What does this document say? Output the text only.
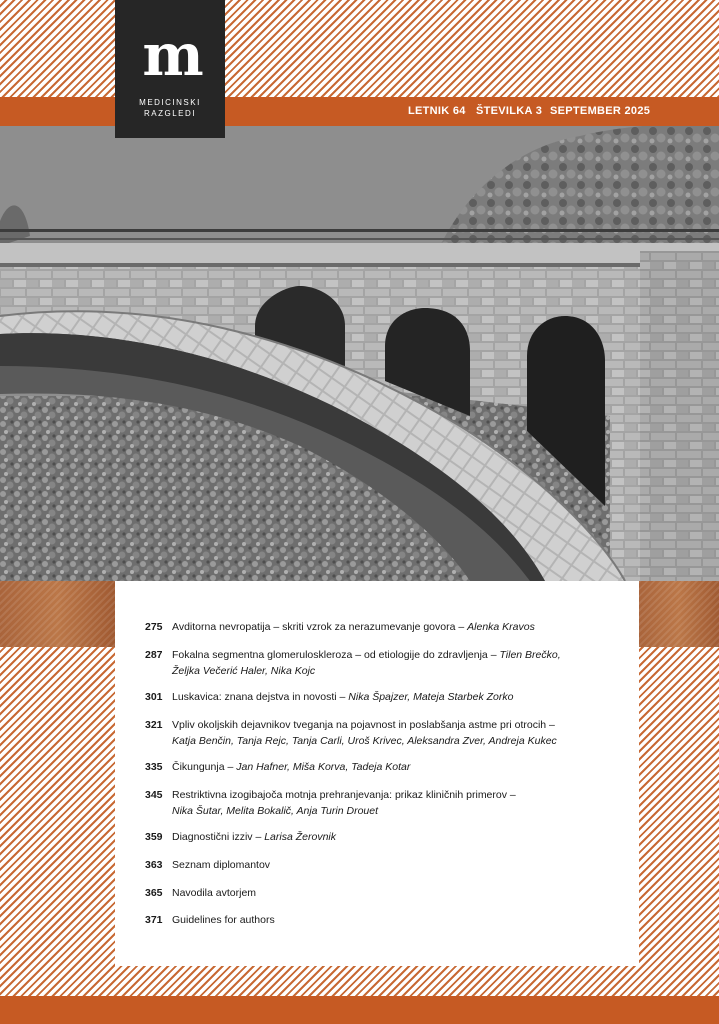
LETNIK 64 ŠTEVILKA 3 SEPTEMBER 2025
m
MEDICINSKI
RAZGLEDI
275 Avditorna nevropatija – skriti vzrok za nerazumevanje govora – Alenka Kravos
287 Fokalna segmentna glomeruloskleroza – od etiologije do zdravljenja – Tilen Brečko,
Željka Večerić Haler, Nika Kojc
301 Luskavica: znana dejstva in novosti – Nika Špajzer, Mateja Starbek Zorko
321 Vpliv okoljskih dejavnikov tveganja na pojavnost in poslabšanja astme pri otrocih –
Katja Benčin, Tanja Rejc, Tanja Carli, Uroš Krivec, Aleksandra Zver, Andreja Kukec
335 Čikungunja – Jan Hafner, Miša Korva, Tadeja Kotar
345 Restriktivna izogibajoča motnja prehranjevanja: prikaz kliničnih primerov –
Nika Šutar, Melita Bokalič, Anja Turin Drouet
359 Diagnostični izziv – Larisa Žerovnik
363 Seznam diplomantov
365 Navodila avtorjem
371 Guidelines for authors
